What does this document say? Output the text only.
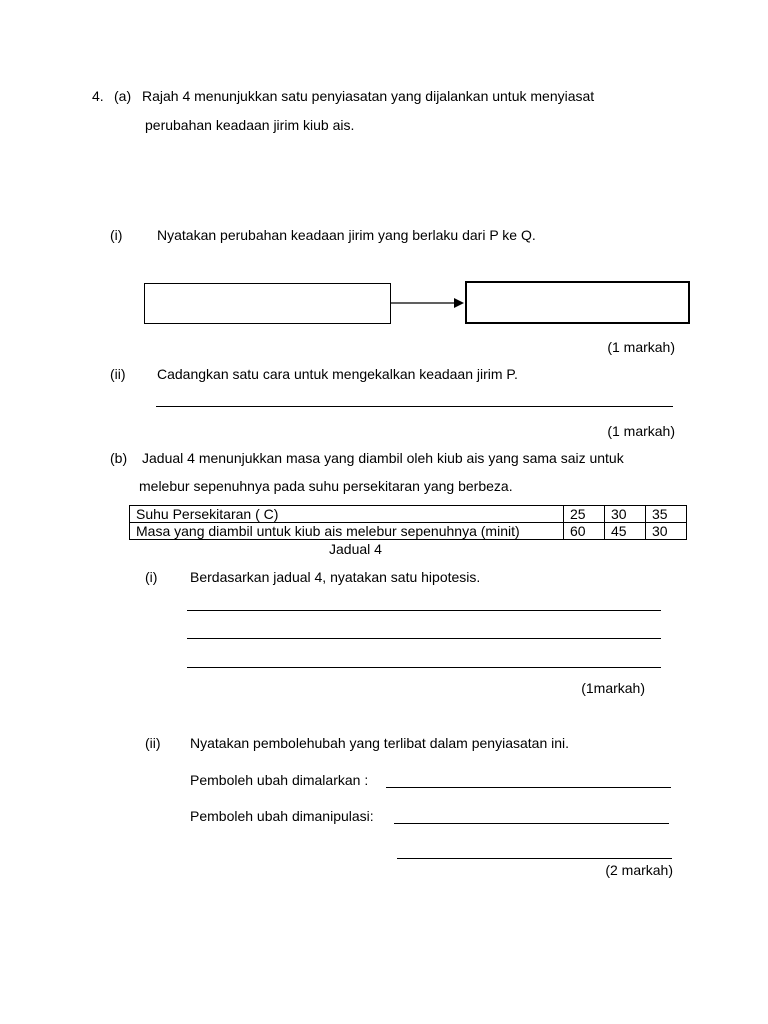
4. (a) Rajah 4 menunjukkan satu penyiasatan yang dijalankan untuk menyiasat
perubahan keadaan jirim kiub ais.
(i) Nyatakan perubahan keadaan jirim yang berlaku dari P ke Q.
(1 markah)
(ii) Cadangkan satu cara untuk mengekalkan keadaan jirim P.
(1 markah)
(b) Jadual 4 menunjukkan masa yang diambil oleh kiub ais yang sama saiz untuk
melebur sepenuhnya pada suhu persekitaran yang berbeza.
Suhu Persekitaran ( C)	25	30	35
Masa yang diambil untuk kiub ais melebur sepenuhnya (minit)	60	45	30
Jadual 4
(i) Berdasarkan jadual 4, nyatakan satu hipotesis.
(1markah)
(ii) Nyatakan pembolehubah yang terlibat dalam penyiasatan ini.
Pemboleh ubah dimalarkan :
Pemboleh ubah dimanipulasi:
(2 markah)
